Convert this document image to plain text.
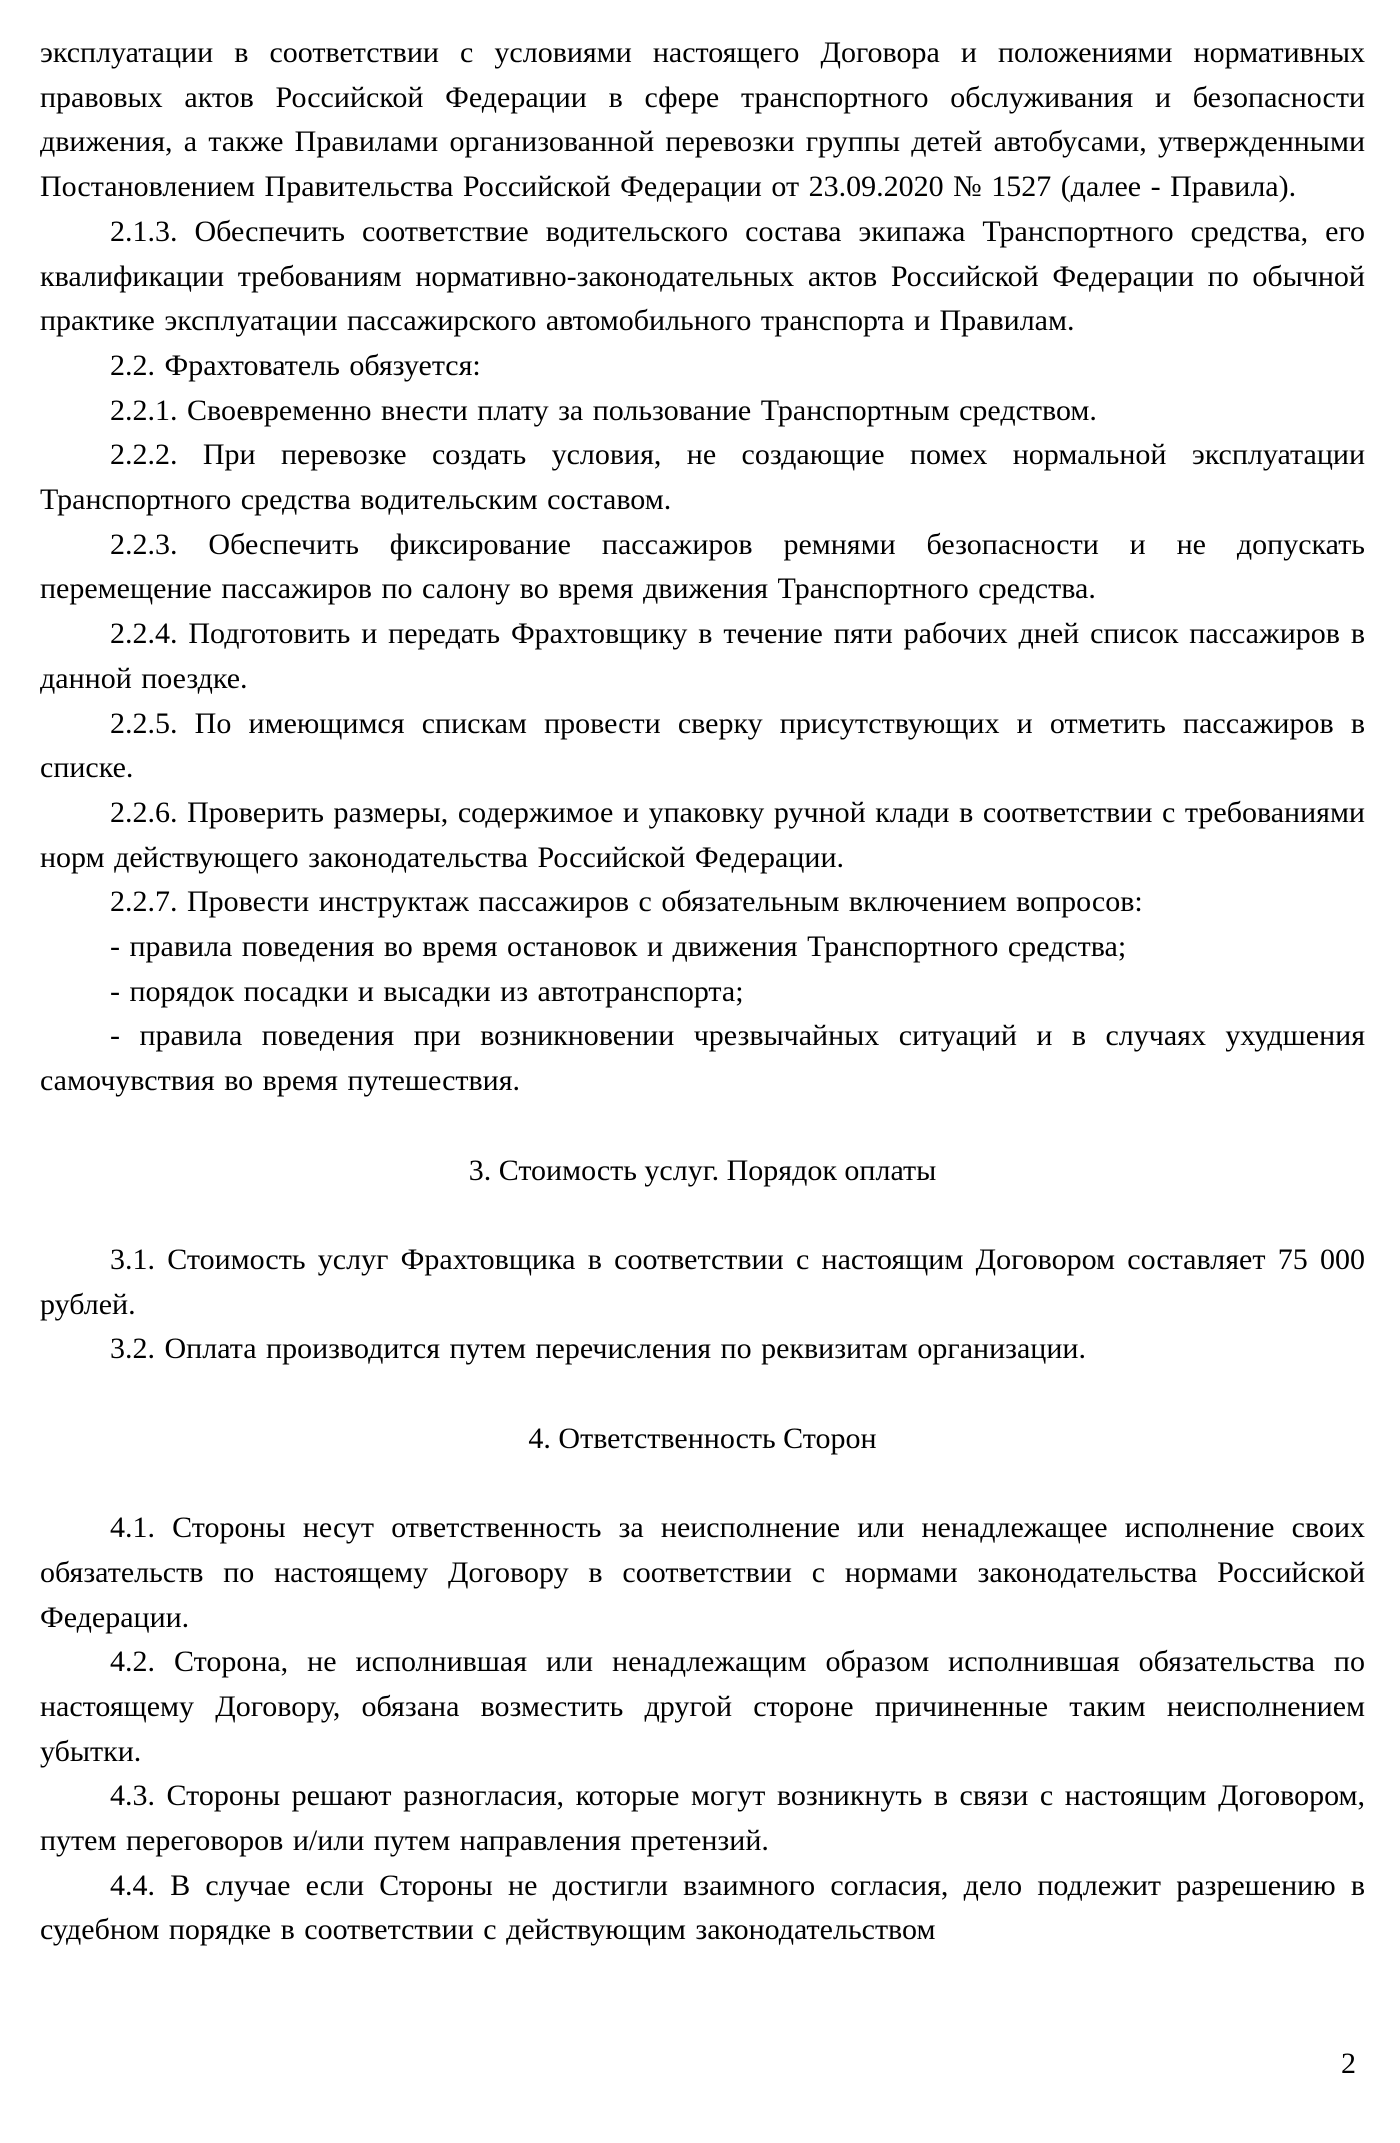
эксплуатации в соответствии с условиями настоящего Договора и положениями нормативных правовых актов Российской Федерации в сфере транспортного обслуживания и безопасности движения, а также Правилами организованной перевозки группы детей автобусами, утвержденными Постановлением Правительства Российской Федерации от 23.09.2020 № 1527 (далее - Правила).

2.1.3. Обеспечить соответствие водительского состава экипажа Транспортного средства, его квалификации требованиям нормативно-законодательных актов Российской Федерации по обычной практике эксплуатации пассажирского автомобильного транспорта и Правилам.

2.2. Фрахтователь обязуется:

2.2.1. Своевременно внести плату за пользование Транспортным средством.

2.2.2. При перевозке создать условия, не создающие помех нормальной эксплуатации Транспортного средства водительским составом.

2.2.3. Обеспечить фиксирование пассажиров ремнями безопасности и не допускать перемещение пассажиров по салону во время движения Транспортного средства.

2.2.4. Подготовить и передать Фрахтовщику в течение пяти рабочих дней список пассажиров в данной поездке.

2.2.5. По имеющимся спискам провести сверку присутствующих и отметить пассажиров в списке.

2.2.6. Проверить размеры, содержимое и упаковку ручной клади в соответствии с требованиями норм действующего законодательства Российской Федерации.

2.2.7. Провести инструктаж пассажиров с обязательным включением вопросов:

- правила поведения во время остановок и движения Транспортного средства;

- порядок посадки и высадки из автотранспорта;

- правила поведения при возникновении чрезвычайных ситуаций и в случаях ухудшения самочувствия во время путешествия.

3. Стоимость услуг. Порядок оплаты

3.1. Стоимость услуг Фрахтовщика в соответствии с настоящим Договором составляет 75 000 рублей.

3.2. Оплата производится путем перечисления по реквизитам организации.

4. Ответственность Сторон

4.1. Стороны несут ответственность за неисполнение или ненадлежащее исполнение своих обязательств по настоящему Договору в соответствии с нормами законодательства Российской Федерации.

4.2. Сторона, не исполнившая или ненадлежащим образом исполнившая обязательства по настоящему Договору, обязана возместить другой стороне причиненные таким неисполнением убытки.

4.3. Стороны решают разногласия, которые могут возникнуть в связи с настоящим Договором, путем переговоров и/или путем направления претензий.

4.4. В случае если Стороны не достигли взаимного согласия, дело подлежит разрешению в судебном порядке в соответствии с действующим законодательством

2
